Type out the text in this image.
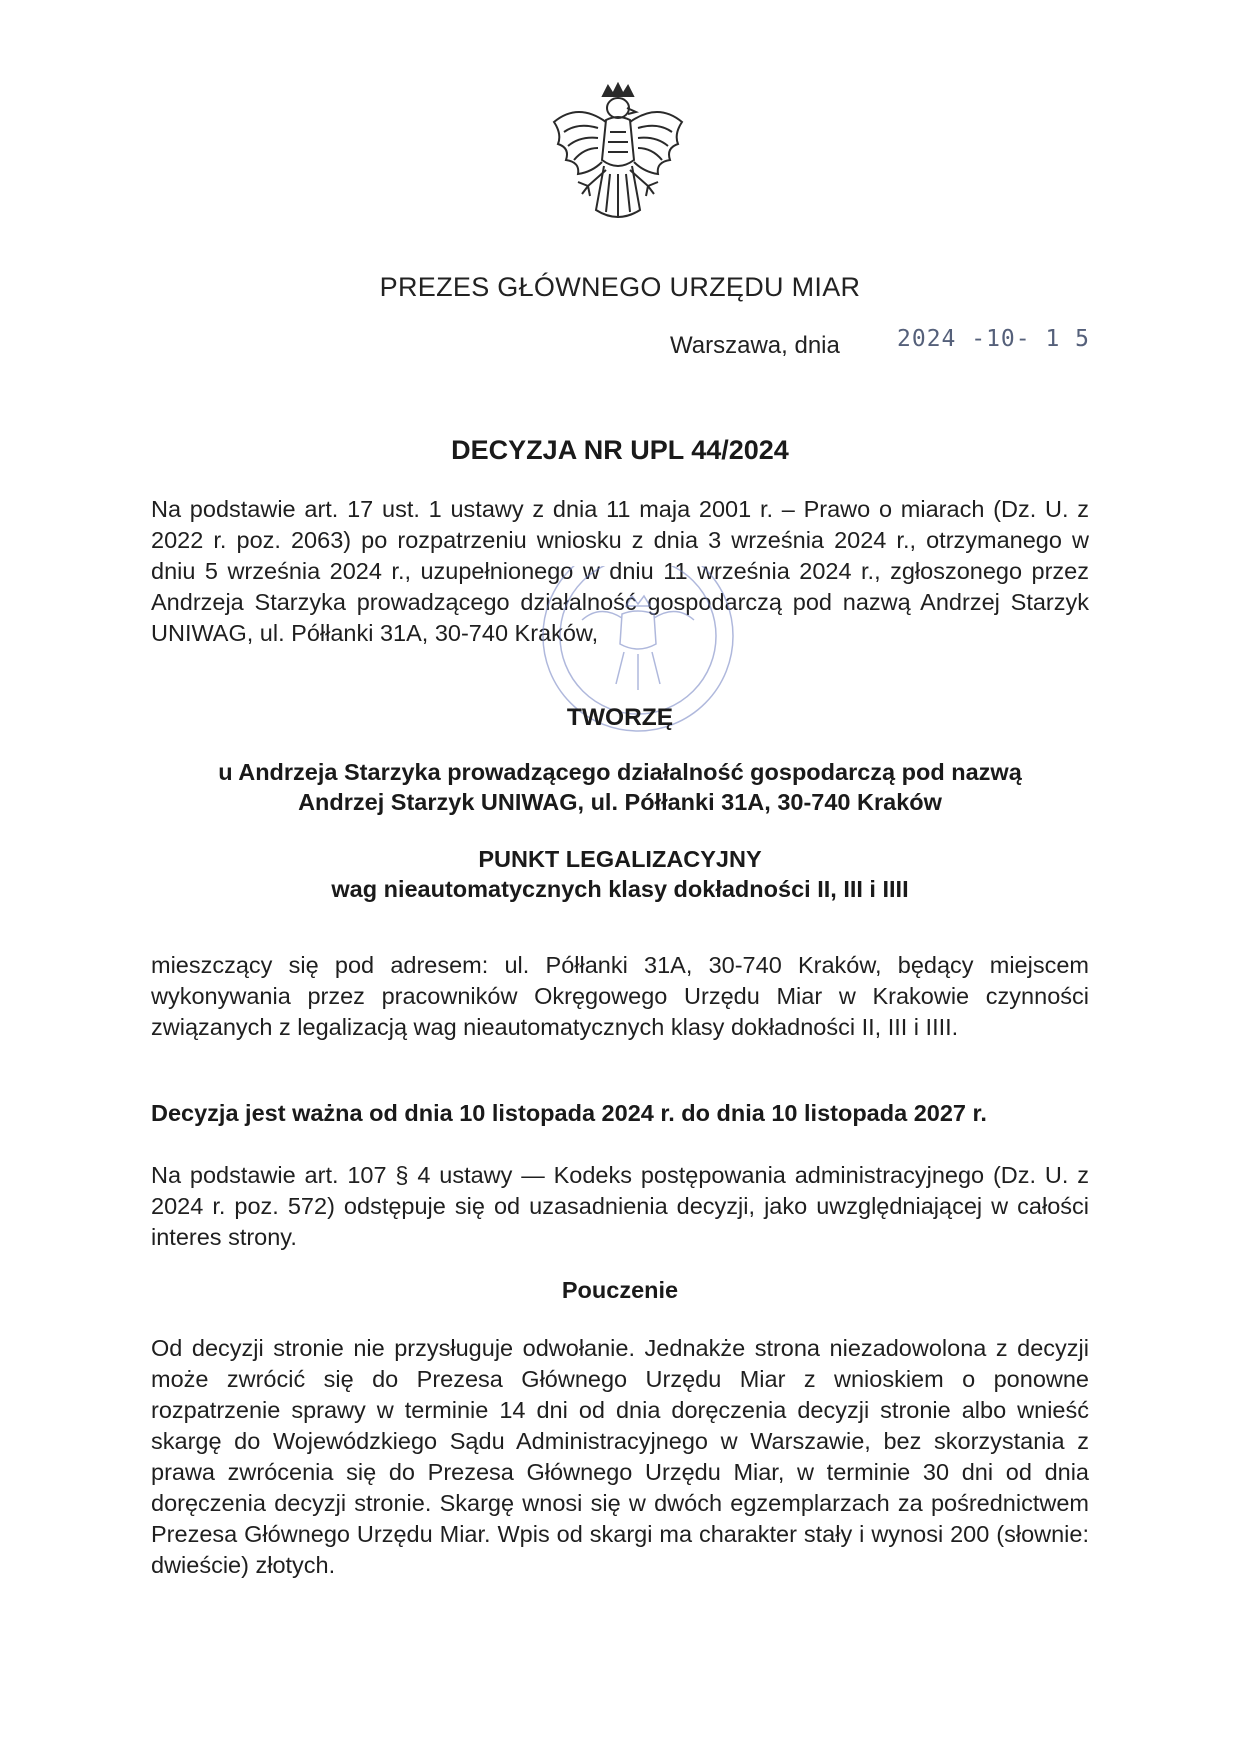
PREZES GŁÓWNEGO URZĘDU MIAR
Warszawa, dnia 2024 -10- 1 5
DECYZJA NR UPL 44/2024
Na podstawie art. 17 ust. 1 ustawy z dnia 11 maja 2001 r. – Prawo o miarach (Dz. U. z 2022 r. poz. 2063) po rozpatrzeniu wniosku z dnia 3 września 2024 r., otrzymanego w dniu 5 września 2024 r., uzupełnionego w dniu 11 września 2024 r., zgłoszonego przez Andrzeja Starzyka prowadzącego działalność gospodarczą pod nazwą Andrzej Starzyk UNIWAG, ul. Półłanki 31A, 30-740 Kraków,
TWORZĘ
u Andrzeja Starzyka prowadzącego działalność gospodarczą pod nazwą
Andrzej Starzyk UNIWAG, ul. Półłanki 31A, 30-740 Kraków
PUNKT LEGALIZACYJNY
wag nieautomatycznych klasy dokładności II, III i IIII
mieszczący się pod adresem: ul. Półłanki 31A, 30-740 Kraków, będący miejscem wykonywania przez pracowników Okręgowego Urzędu Miar w Krakowie czynności związanych z legalizacją wag nieautomatycznych klasy dokładności II, III i IIII.
Decyzja jest ważna od dnia 10 listopada 2024 r. do dnia 10 listopada 2027 r.
Na podstawie art. 107 § 4 ustawy — Kodeks postępowania administracyjnego (Dz. U. z 2024 r. poz. 572) odstępuje się od uzasadnienia decyzji, jako uwzględniającej w całości interes strony.
Pouczenie
Od decyzji stronie nie przysługuje odwołanie. Jednakże strona niezadowolona z decyzji może zwrócić się do Prezesa Głównego Urzędu Miar z wnioskiem o ponowne rozpatrzenie sprawy w terminie 14 dni od dnia doręczenia decyzji stronie albo wnieść skargę do Wojewódzkiego Sądu Administracyjnego w Warszawie, bez skorzystania z prawa zwrócenia się do Prezesa Głównego Urzędu Miar, w terminie 30 dni od dnia doręczenia decyzji stronie. Skargę wnosi się w dwóch egzemplarzach za pośrednictwem Prezesa Głównego Urzędu Miar. Wpis od skargi ma charakter stały i wynosi 200 (słownie: dwieście) złotych.
